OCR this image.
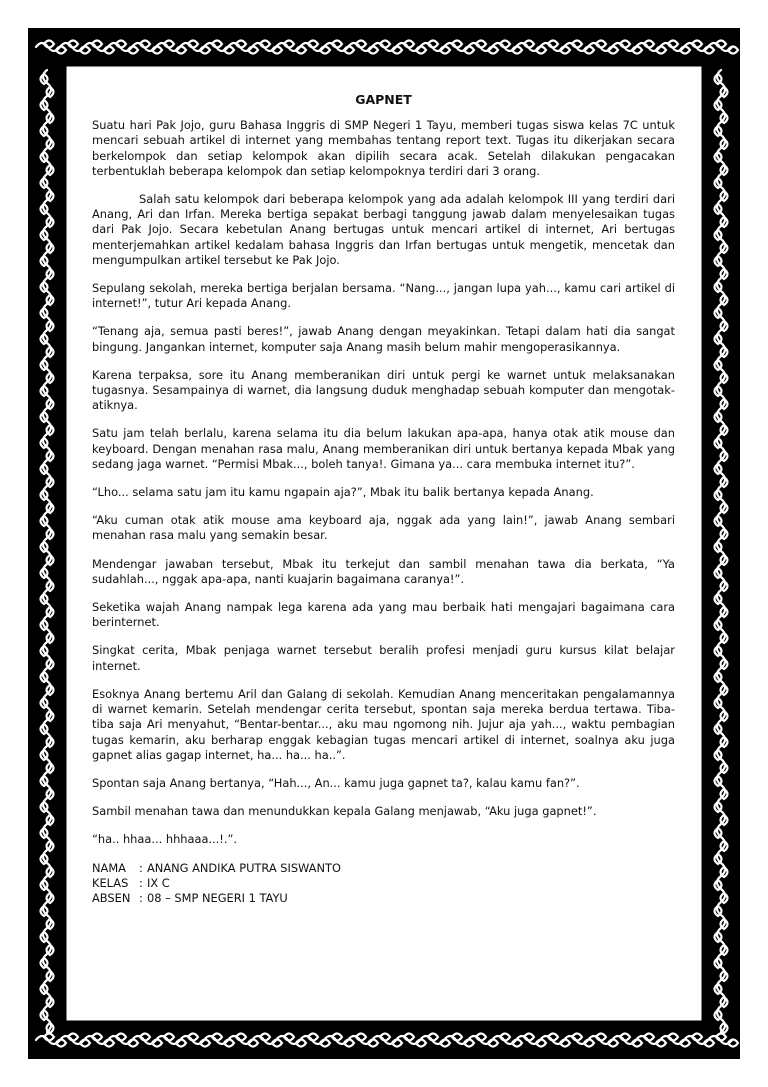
GAPNET

Suatu hari Pak Jojo, guru Bahasa Inggris di SMP Negeri 1 Tayu, memberi tugas siswa kelas 7C untuk mencari sebuah artikel di internet yang membahas tentang report text. Tugas itu dikerjakan secara berkelompok dan setiap kelompok akan dipilih secara acak. Setelah dilakukan pengacakan terbentuklah beberapa kelompok dan setiap kelompoknya terdiri dari 3 orang.

Salah satu kelompok dari beberapa kelompok yang ada adalah kelompok III yang terdiri dari Anang, Ari dan Irfan. Mereka bertiga sepakat berbagi tanggung jawab dalam menyelesaikan tugas dari Pak Jojo. Secara kebetulan Anang bertugas untuk mencari artikel di internet, Ari bertugas menterjemahkan artikel kedalam bahasa Inggris dan Irfan bertugas untuk mengetik, mencetak dan mengumpulkan artikel tersebut ke Pak Jojo.

Sepulang sekolah, mereka bertiga berjalan bersama. “Nang..., jangan lupa yah..., kamu cari artikel di internet!”, tutur Ari kepada Anang.

“Tenang aja, semua pasti beres!”, jawab Anang dengan meyakinkan. Tetapi dalam hati dia sangat bingung. Jangankan internet, komputer saja Anang masih belum mahir mengoperasikannya.

Karena terpaksa, sore itu Anang memberanikan diri untuk pergi ke warnet untuk melaksanakan tugasnya. Sesampainya di warnet, dia langsung duduk menghadap sebuah komputer dan mengotak-atiknya.

Satu jam telah berlalu, karena selama itu dia belum lakukan apa-apa, hanya otak atik mouse dan keyboard. Dengan menahan rasa malu, Anang memberanikan diri untuk bertanya kepada Mbak yang sedang jaga warnet. “Permisi Mbak..., boleh tanya!. Gimana ya... cara membuka internet itu?”.

“Lho... selama satu jam itu kamu ngapain aja?”, Mbak itu balik bertanya kepada Anang.

“Aku cuman otak atik mouse ama keyboard aja, nggak ada yang lain!”, jawab Anang sembari menahan rasa malu yang semakin besar.

Mendengar jawaban tersebut, Mbak itu terkejut dan sambil menahan tawa dia berkata, “Ya sudahlah..., nggak apa-apa, nanti kuajarin bagaimana caranya!”.

Seketika wajah Anang nampak lega karena ada yang mau berbaik hati mengajari bagaimana cara berinternet.

Singkat cerita, Mbak penjaga warnet tersebut beralih profesi menjadi guru kursus kilat belajar internet.

Esoknya Anang bertemu Aril dan Galang di sekolah. Kemudian Anang menceritakan pengalamannya di warnet kemarin. Setelah mendengar cerita tersebut, spontan saja mereka berdua tertawa. Tiba-tiba saja Ari menyahut, “Bentar-bentar..., aku mau ngomong nih. Jujur aja yah..., waktu pembagian tugas kemarin, aku berharap enggak kebagian tugas mencari artikel di internet, soalnya aku juga gapnet alias gagap internet, ha... ha... ha..”.

Spontan saja Anang bertanya, “Hah..., An... kamu juga gapnet ta?, kalau kamu fan?”.

Sambil menahan tawa dan menundukkan kepala Galang menjawab, “Aku juga gapnet!”.

“ha.. hhaa... hhhaaa...!.”.

NAMA	: ANANG ANDIKA PUTRA SISWANTO
KELAS : IX C
ABSEN : 08 – SMP NEGERI 1 TAYU
